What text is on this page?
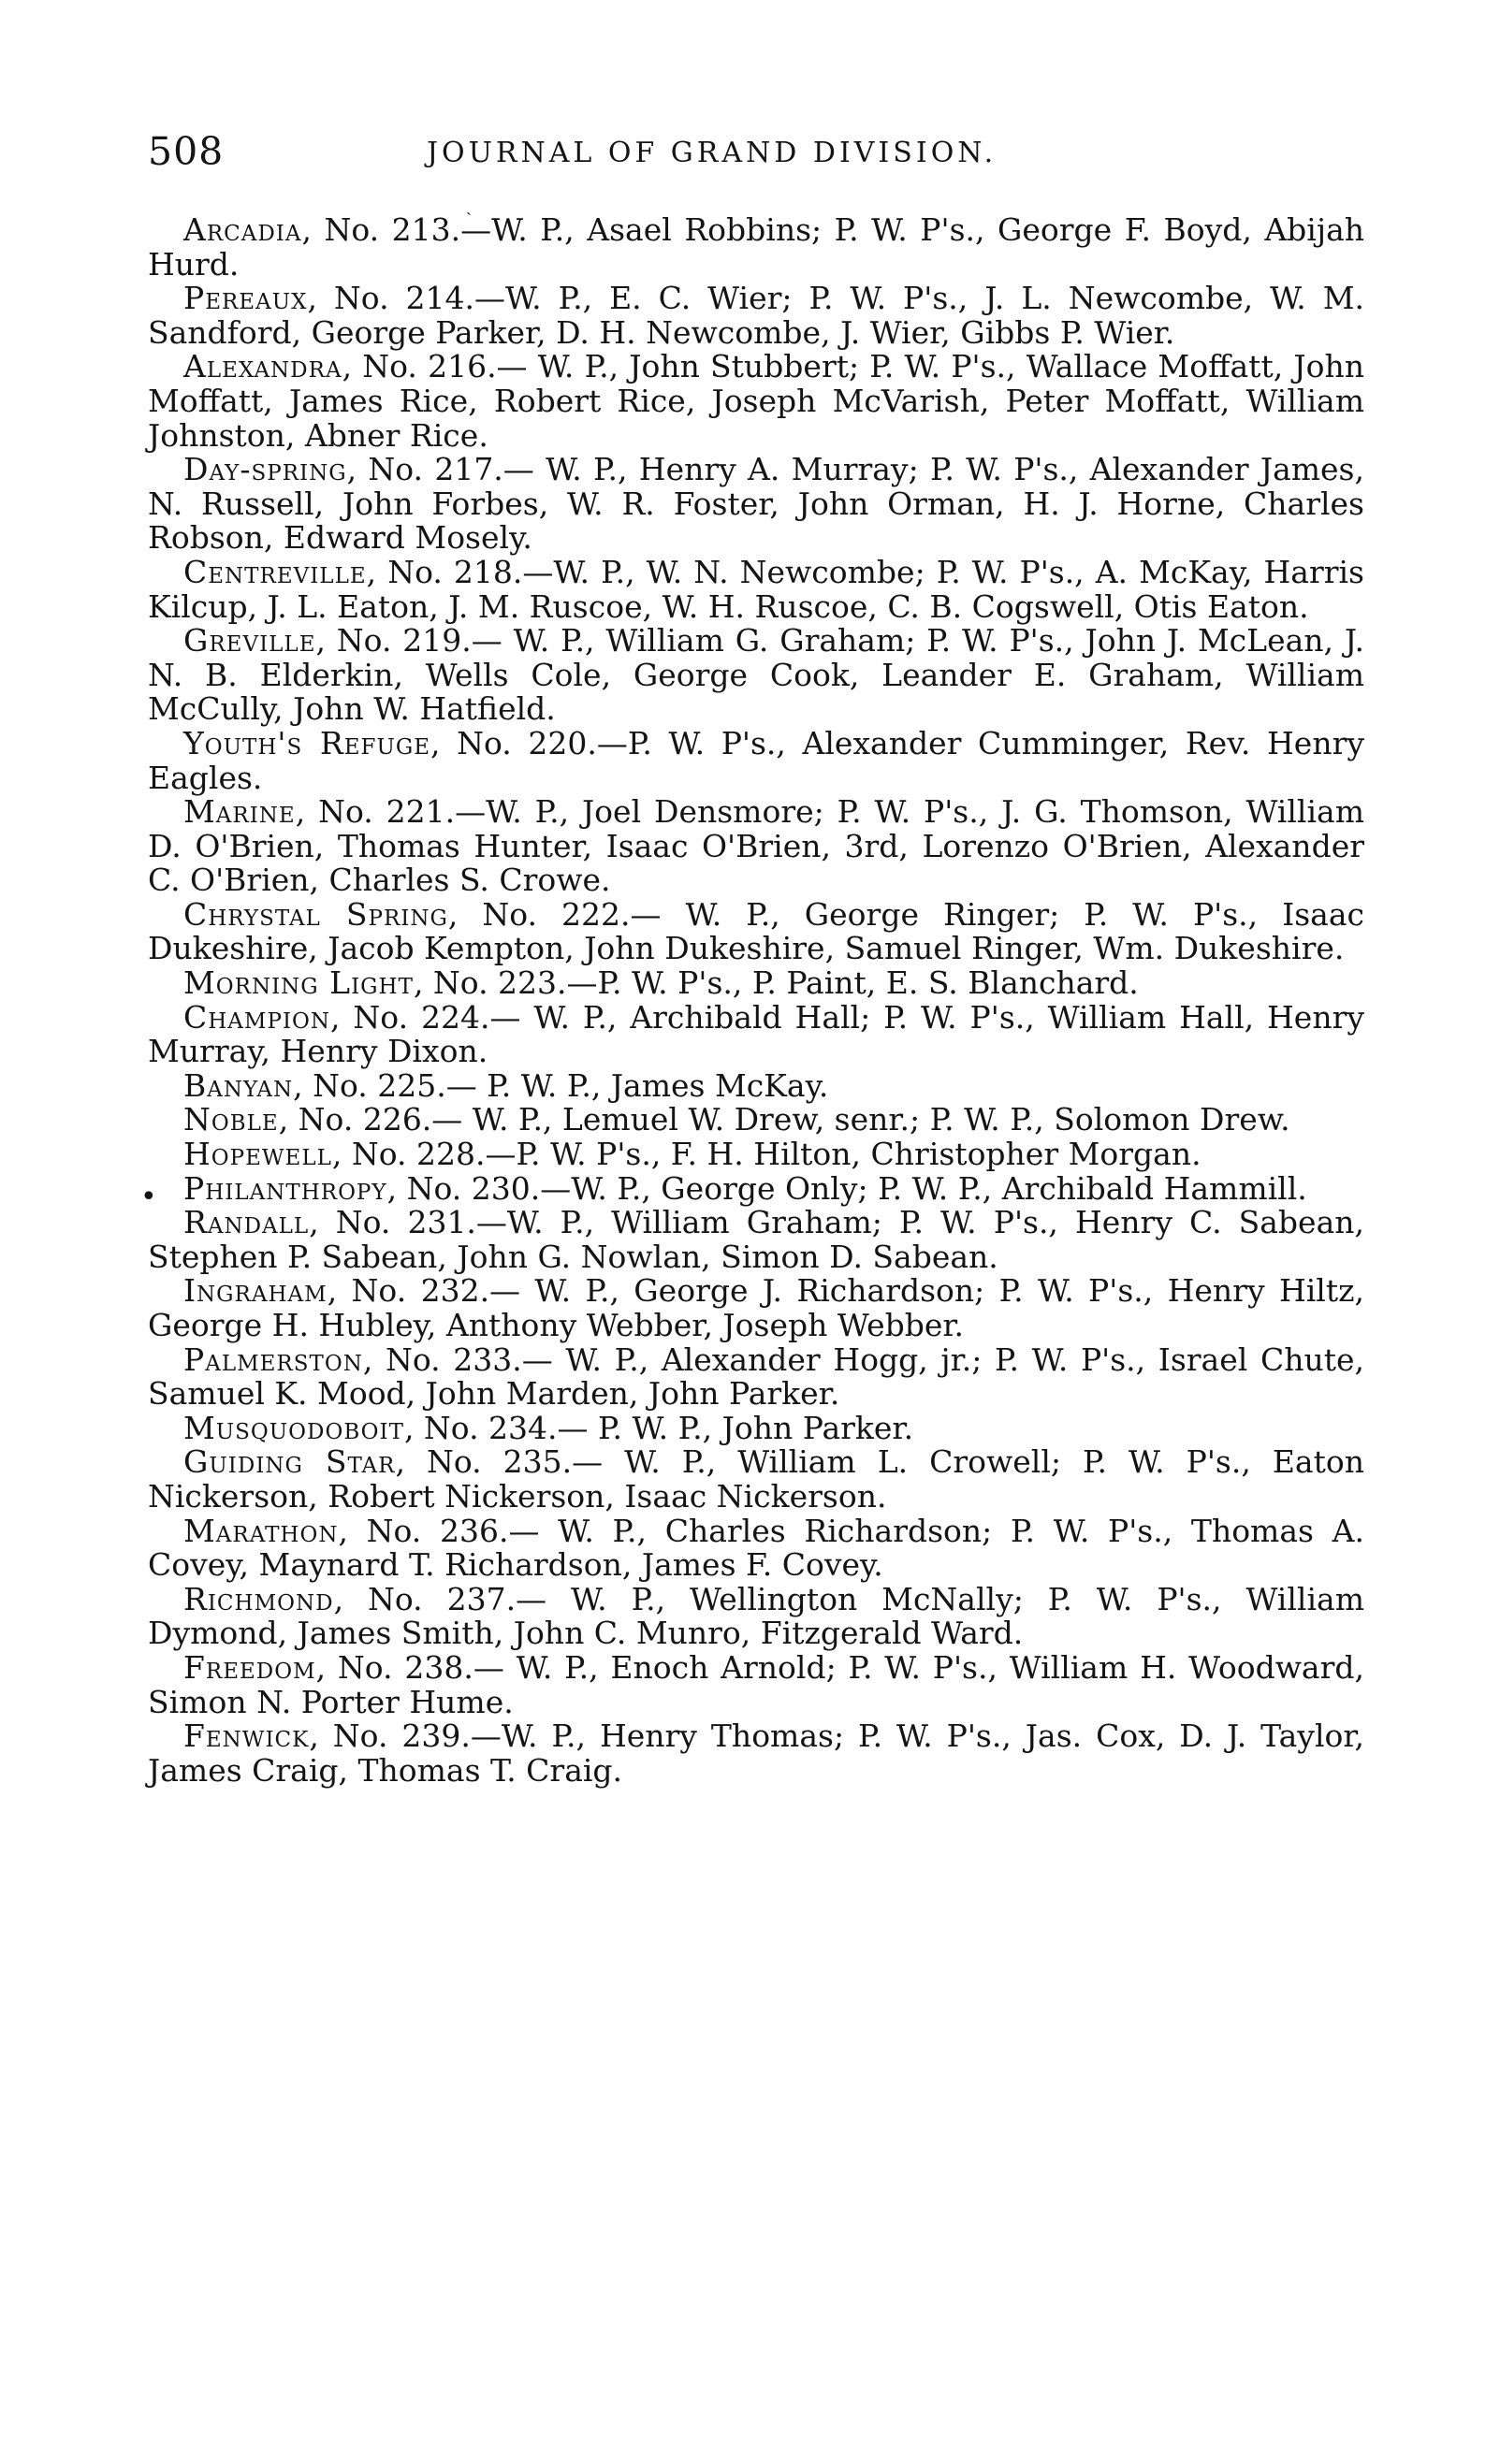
508	JOURNAL OF GRAND DIVISION.

Arcadia, No. 213.—W. P., Asael Robbins; P. W. P's., George F. Boyd, Abijah Hurd.

Pereaux, No. 214.—W. P., E. C. Wier; P. W. P's., J. L. Newcombe, W. M. Sandford, George Parker, D. H. Newcombe, J. Wier, Gibbs P. Wier.

Alexandra, No. 216.— W. P., John Stubbert; P. W. P's., Wallace Moffatt, John Moffatt, James Rice, Robert Rice, Joseph McVarish, Peter Moffatt, William Johnston, Abner Rice.

Day-spring, No. 217.— W. P., Henry A. Murray; P. W. P's., Alexander James, N. Russell, John Forbes, W. R. Foster, John Orman, H. J. Horne, Charles Robson, Edward Mosely.

Centreville, No. 218.—W. P., W. N. Newcombe; P. W. P's., A. McKay, Harris Kilcup, J. L. Eaton, J. M. Ruscoe, W. H. Ruscoe, C. B. Cogswell, Otis Eaton.

Greville, No. 219.— W. P., William G. Graham; P. W. P's., John J. McLean, J. N. B. Elderkin, Wells Cole, George Cook, Leander E. Graham, William McCully, John W. Hatfield.

Youth's Refuge, No. 220.—P. W. P's., Alexander Cumminger, Rev. Henry Eagles.

Marine, No. 221.—W. P., Joel Densmore; P. W. P's., J. G. Thomson, William D. O'Brien, Thomas Hunter, Isaac O'Brien, 3rd, Lorenzo O'Brien, Alexander C. O'Brien, Charles S. Crowe.

Chrystal Spring, No. 222.— W. P., George Ringer; P. W. P's., Isaac Dukeshire, Jacob Kempton, John Dukeshire, Samuel Ringer, Wm. Dukeshire.

Morning Light, No. 223.—P. W. P's., P. Paint, E. S. Blanchard.

Champion, No. 224.— W. P., Archibald Hall; P. W. P's., William Hall, Henry Murray, Henry Dixon.

Banyan, No. 225.— P. W. P., James McKay.

Noble, No. 226.— W. P., Lemuel W. Drew, senr.; P. W. P., Solomon Drew.

Hopewell, No. 228.—P. W. P's., F. H. Hilton, Christopher Morgan.

Philanthropy, No. 230.—W. P., George Only; P. W. P., Archibald Hammill.

Randall, No. 231.—W. P., William Graham; P. W. P's., Henry C. Sabean, Stephen P. Sabean, John G. Nowlan, Simon D. Sabean.

Ingraham, No. 232.— W. P., George J. Richardson; P. W. P's., Henry Hiltz, George H. Hubley, Anthony Webber, Joseph Webber.

Palmerston, No. 233.— W. P., Alexander Hogg, jr.; P. W. P's., Israel Chute, Samuel K. Mood, John Marden, John Parker.

Musquodoboit, No. 234.— P. W. P., John Parker.

Guiding Star, No. 235.— W. P., William L. Crowell; P. W. P's., Eaton Nickerson, Robert Nickerson, Isaac Nickerson.

Marathon, No. 236.— W. P., Charles Richardson; P. W. P's., Thomas A. Covey, Maynard T. Richardson, James F. Covey.

Richmond, No. 237.— W. P., Wellington McNally; P. W. P's., William Dymond, James Smith, John C. Munro, Fitzgerald Ward.

Freedom, No. 238.— W. P., Enoch Arnold; P. W. P's., William H. Woodward, Simon N. Porter Hume.

Fenwick, No. 239.—W. P., Henry Thomas; P. W. P's., Jas. Cox, D. J. Taylor, James Craig, Thomas T. Craig.

•
ˎ
